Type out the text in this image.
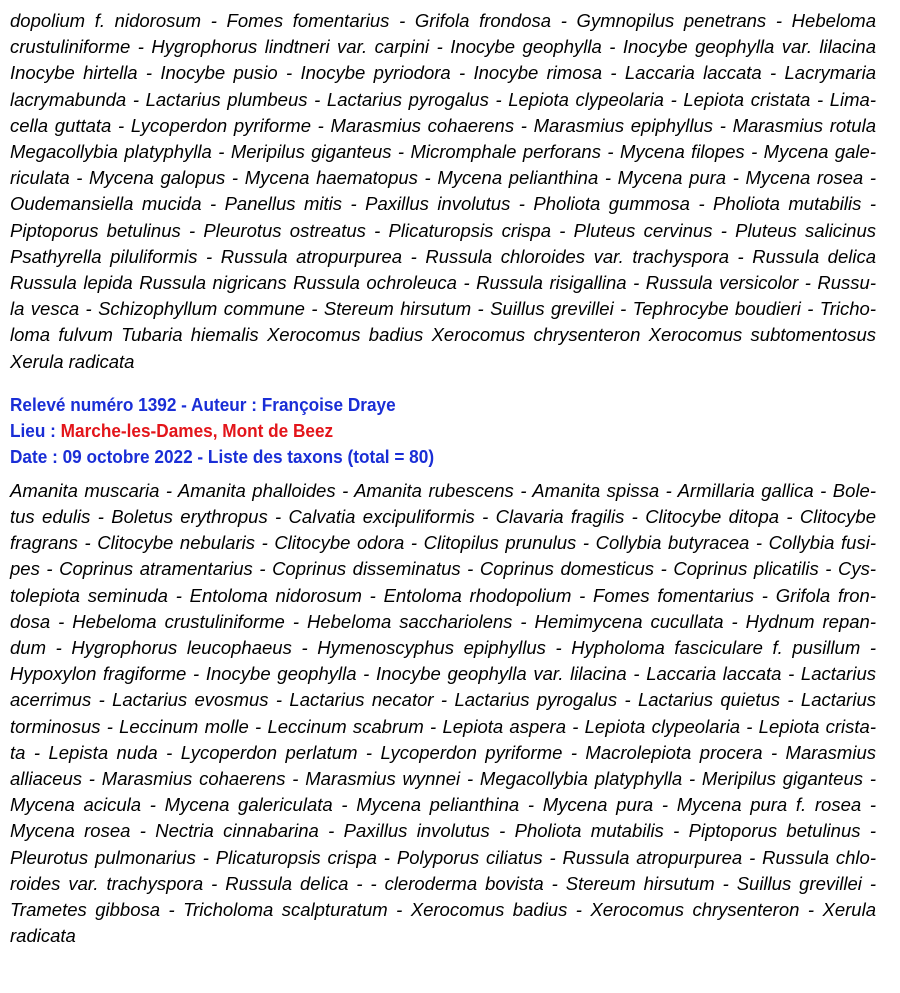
dopolium f. nidorosum - Fomes fomentarius - Grifola frondosa - Gymnopilus penetrans - Hebeloma
crustuliniforme - Hygrophorus lindtneri var. carpini - Inocybe geophylla - Inocybe geophylla var. lilacina
Inocybe hirtella - Inocybe pusio - Inocybe pyriodora - Inocybe rimosa - Laccaria laccata - Lacrymaria
lacrymabunda - Lactarius plumbeus - Lactarius pyrogalus - Lepiota clypeolaria - Lepiota cristata - Lima-
cella guttata - Lycoperdon pyriforme - Marasmius cohaerens - Marasmius epiphyllus - Marasmius rotula
Megacollybia platyphylla - Meripilus giganteus - Micromphale perforans - Mycena filopes - Mycena gale-
riculata - Mycena galopus - Mycena haematopus - Mycena pelianthina - Mycena pura - Mycena rosea -
Oudemansiella mucida - Panellus mitis - Paxillus involutus - Pholiota gummosa - Pholiota mutabilis -
Piptoporus betulinus - Pleurotus ostreatus - Plicaturopsis crispa - Pluteus cervinus - Pluteus salicinus
Psathyrella piluliformis - Russula atropurpurea - Russula chloroides var. trachyspora - Russula delica
Russula lepida Russula nigricans Russula ochroleuca - Russula risigallina - Russula versicolor - Russu-
la vesca - Schizophyllum commune - Stereum hirsutum - Suillus grevillei - Tephrocybe boudieri - Tricho-
loma fulvum Tubaria hiemalis Xerocomus badius Xerocomus chrysenteron Xerocomus subtomentosus
Xerula radicata
Relevé numéro 1392 - Auteur : Françoise Draye
Lieu : Marche-les-Dames, Mont de Beez
Date : 09 octobre 2022 - Liste des taxons (total = 80)
Amanita muscaria - Amanita phalloides - Amanita rubescens - Amanita spissa - Armillaria gallica - Bole-
tus edulis - Boletus erythropus - Calvatia excipuliformis - Clavaria fragilis - Clitocybe ditopa - Clitocybe
fragrans - Clitocybe nebularis - Clitocybe odora - Clitopilus prunulus - Collybia butyracea - Collybia fusi-
pes - Coprinus atramentarius - Coprinus disseminatus - Coprinus domesticus - Coprinus plicatilis - Cys-
tolepiota seminuda - Entoloma nidorosum - Entoloma rhodopolium - Fomes fomentarius - Grifola fron-
dosa - Hebeloma crustuliniforme - Hebeloma sacchariolens - Hemimycena cucullata - Hydnum repan-
dum - Hygrophorus leucophaeus - Hymenoscyphus epiphyllus - Hypholoma fasciculare f. pusillum -
Hypoxylon fragiforme - Inocybe geophylla - Inocybe geophylla var. lilacina - Laccaria laccata - Lactarius
acerrimus - Lactarius evosmus - Lactarius necator - Lactarius pyrogalus - Lactarius quietus - Lactarius
torminosus - Leccinum molle - Leccinum scabrum - Lepiota aspera - Lepiota clypeolaria - Lepiota crista-
ta - Lepista nuda - Lycoperdon perlatum - Lycoperdon pyriforme - Macrolepiota procera - Marasmius
alliaceus - Marasmius cohaerens - Marasmius wynnei - Megacollybia platyphylla - Meripilus giganteus -
Mycena acicula - Mycena galericulata - Mycena pelianthina - Mycena pura - Mycena pura f. rosea -
Mycena rosea - Nectria cinnabarina - Paxillus involutus - Pholiota mutabilis - Piptoporus betulinus -
Pleurotus pulmonarius - Plicaturopsis crispa - Polyporus ciliatus - Russula atropurpurea - Russula chlo-
roides var. trachyspora - Russula delica - - cleroderma bovista - Stereum hirsutum - Suillus grevillei -
Trametes gibbosa - Tricholoma scalpturatum - Xerocomus badius - Xerocomus chrysenteron - Xerula
radicata
